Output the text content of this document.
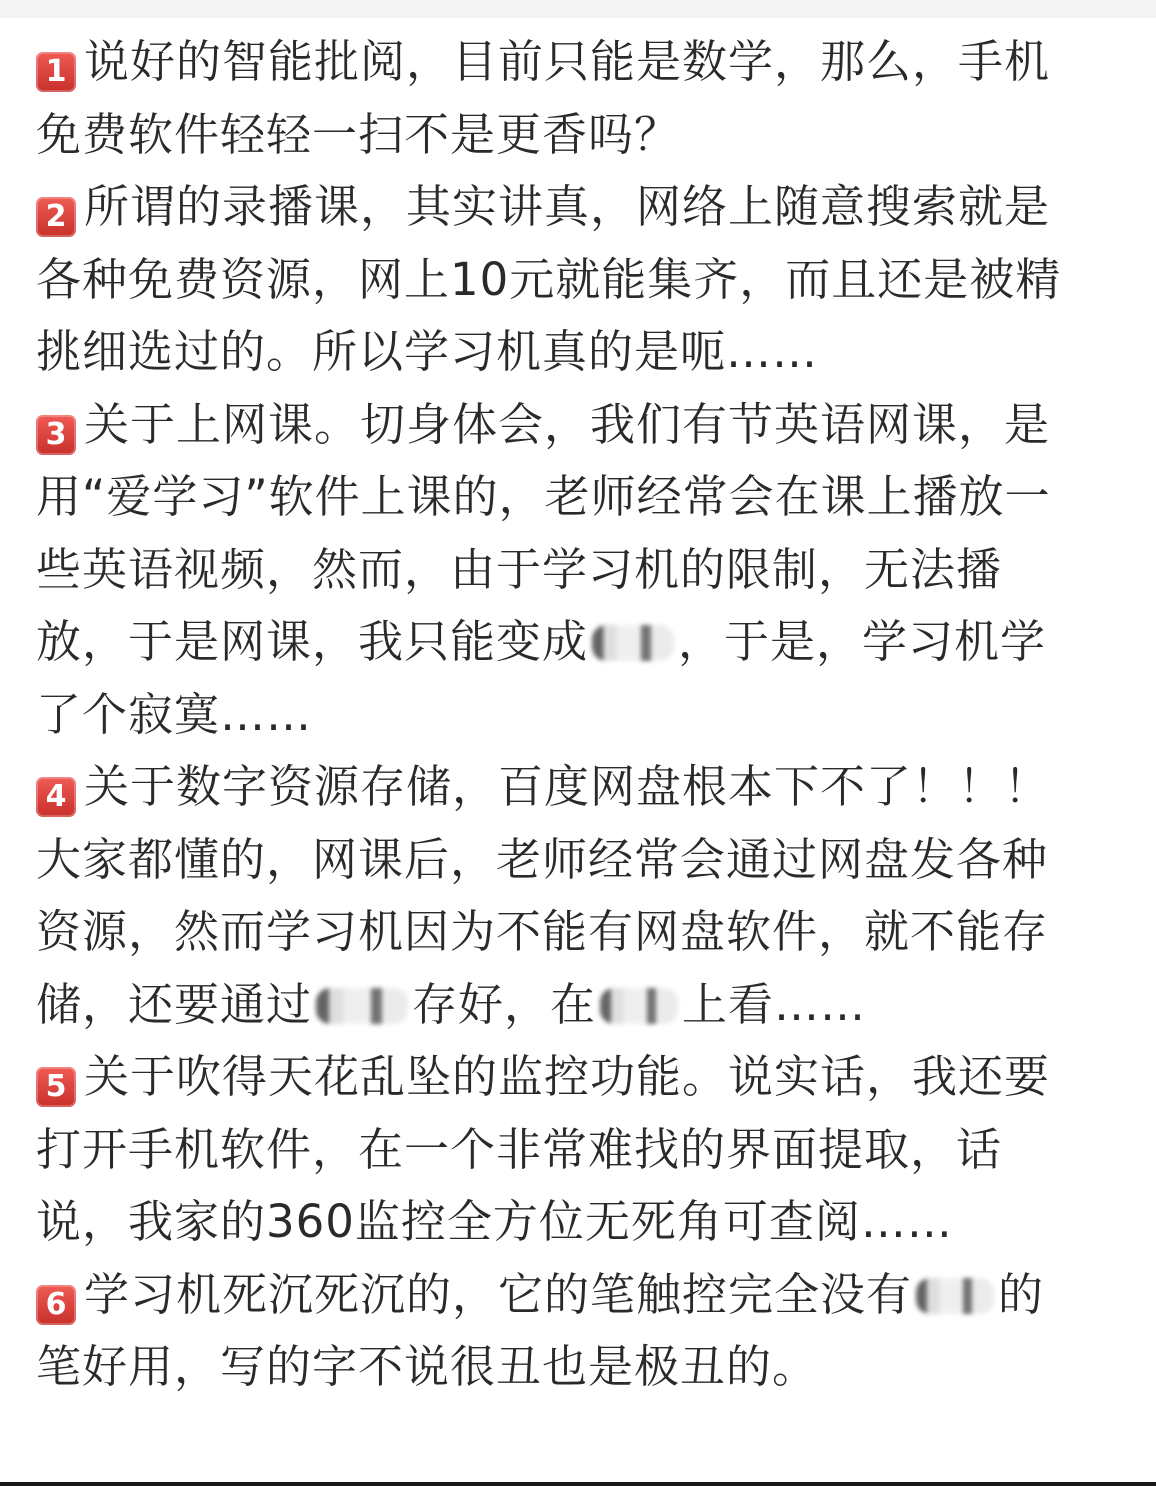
1 说好的智能批阅，目前只能是数学，那么，手机免费软件轻轻一扫不是更香吗？

2 所谓的录播课，其实讲真，网络上随意搜索就是各种免费资源，网上10元就能集齐，而且还是被精挑细选过的。所以学习机真的是呃……

3 关于上网课。切身体会，我们有节英语网课，是用“爱学习”软件上课的，老师经常会在课上播放一些英语视频，然而，由于学习机的限制，无法播放，于是网课，我只能变成 ，于是，学习机学了个寂寞……

4 关于数字资源存储，百度网盘根本下不了！！！大家都懂的，网课后，老师经常会通过网盘发各种资源，然而学习机因为不能有网盘软件，就不能存储，还要通过 存好，在 上看……

5 关于吹得天花乱坠的监控功能。说实话，我还要打开手机软件，在一个非常难找的界面提取，话说，我家的360监控全方位无死角可查阅……

6 学习机死沉死沉的，它的笔触控完全没有 的笔好用，写的字不说很丑也是极丑的。
